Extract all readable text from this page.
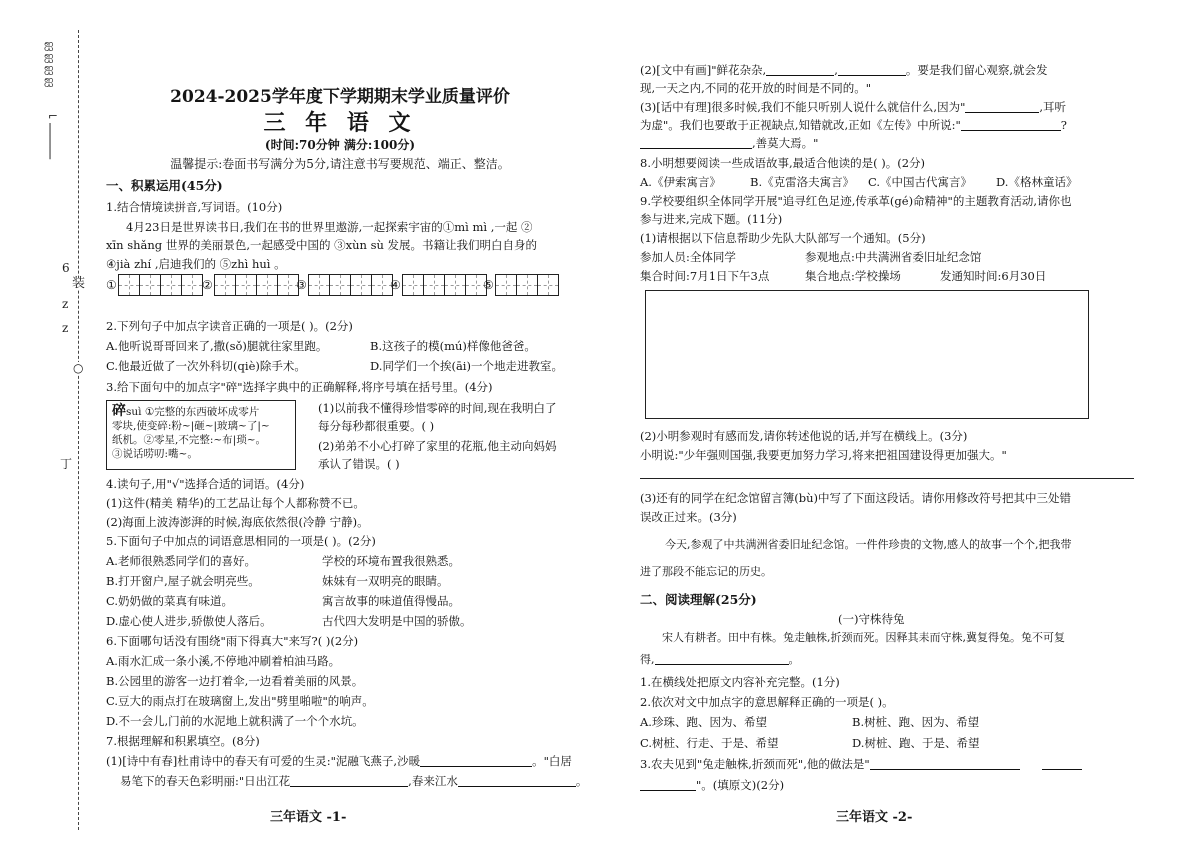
ஐ
ஐ
ஐ
ஐ
⌐
|
|
|
6
z
z
装
丁
○
2024-2025学年度下学期期末学业质量评价
三 年 语 文
(时间:70分钟 满分:100分)
温馨提示:卷面书写满分为5分,请注意书写要规范、端正、整洁。
一、积累运用(45分)
1.结合情境读拼音,写词语。(10分)
4月23日是世界读书日,我们在书的世界里遨游,一起探索宇宙的①mì mì ,一起 ②
xīn shǎng 世界的美丽景色,一起感受中国的 ③xùn sù 发展。书籍让我们明白自身的
④jià zhí ,启迪我们的 ⑤zhì huì 。
①	②	③	④	⑤
2.下列句子中加点字读音正确的一项是( )。(2分)
A.他听说哥哥回来了,撒(sǒ)腿就往家里跑。	B.这孩子的模(mú)样像他爸爸。
C.他最近做了一次外科切(qiè)除手术。	D.同学们一个挨(āi)一个地走进教室。
3.给下面句中的加点字"碎"选择字典中的正确解释,将序号填在括号里。(4分)
碎suì ①完整的东西破坏成零片
零块,使变碎:粉~|砸~|玻璃~了|~
纸机。②零星,不完整:~布|琐~。
③说话唠叨:嘴~。
(1)以前我不懂得珍惜零碎的时间,现在我明白了
每分每秒都很重要。( )
(2)弟弟不小心打碎了家里的花瓶,他主动向妈妈
承认了错误。( )
4.读句子,用"√"选择合适的词语。(4分)
(1)这件(精美 精华)的工艺品让每个人都称赞不已。
(2)海面上波涛澎湃的时候,海底依然很(冷静 宁静)。
5.下面句子中加点的词语意思相同的一项是( )。(2分)
A.老师很熟悉同学们的喜好。	学校的环境布置我很熟悉。
B.打开窗户,屋子就会明亮些。	妹妹有一双明亮的眼睛。
C.奶奶做的菜真有味道。	寓言故事的味道值得慢品。
D.虚心使人进步,骄傲使人落后。	古代四大发明是中国的骄傲。
6.下面哪句话没有围绕"雨下得真大"来写?( )(2分)
A.雨水汇成一条小溪,不停地冲刷着柏油马路。
B.公园里的游客一边打着伞,一边看着美丽的风景。
C.豆大的雨点打在玻璃窗上,发出"劈里啪啦"的响声。
D.不一会儿,门前的水泥地上就积满了一个个水坑。
7.根据理解和积累填空。(8分)
(1)[诗中有春]杜甫诗中的春天有可爱的生灵:"泥融飞燕子,沙暖	。"白居
易笔下的春天色彩明丽:"日出江花	,春来江水	。
三年语文 -1-
(2)[文中有画]"鲜花杂杂,	,	。要是我们留心观察,就会发
现,一天之内,不同的花开放的时间是不同的。"
(3)[话中有理]很多时候,我们不能只听别人说什么就信什么,因为"	,耳听
为虚"。我们也要敢于正视缺点,知错就改,正如《左传》中所说:"	?
,善莫大焉。"
8.小明想要阅读一些成语故事,最适合他读的是( )。(2分)
A.《伊索寓言》	B.《克雷洛夫寓言》 C.《中国古代寓言》 D.《格林童话》
9.学校要组织全体同学开展"追寻红色足迹,传承革(gé)命精神"的主题教育活动,请你也
参与进来,完成下题。(11分)
(1)请根据以下信息帮助少先队大队部写一个通知。(5分)
参加人员:全体同学	参观地点:中共满洲省委旧址纪念馆
集合时间:7月1日下午3点	集合地点:学校操场	发通知时间:6月30日
(2)小明参观时有感而发,请你转述他说的话,并写在横线上。(3分)
小明说:"少年强则国强,我要更加努力学习,将来把祖国建设得更加强大。"
(3)还有的同学在纪念馆留言簿(bù)中写了下面这段话。请你用修改符号把其中三处错
误改正过来。(3分)
今天,参观了中共满洲省委旧址纪念馆。一件件珍贵的文物,感人的故事一个个,把我带
进了那段不能忘记的历史。
二、阅读理解(25分)
(一)守株待兔
宋人有耕者。田中有株。兔走触株,折颈而死。因释其耒而守株,冀复得兔。兔不可复
得,	。
1.在横线处把原文内容补充完整。(1分)
2.依次对文中加点字的意思解释正确的一项是( )。
A.珍珠、跑、因为、希望	B.树桩、跑、因为、希望
C.树桩、行走、于是、希望	D.树桩、跑、于是、希望
3.农夫见到"兔走触株,折颈而死",他的做法是"
"。(填原文)(2分)
三年语文 -2-
